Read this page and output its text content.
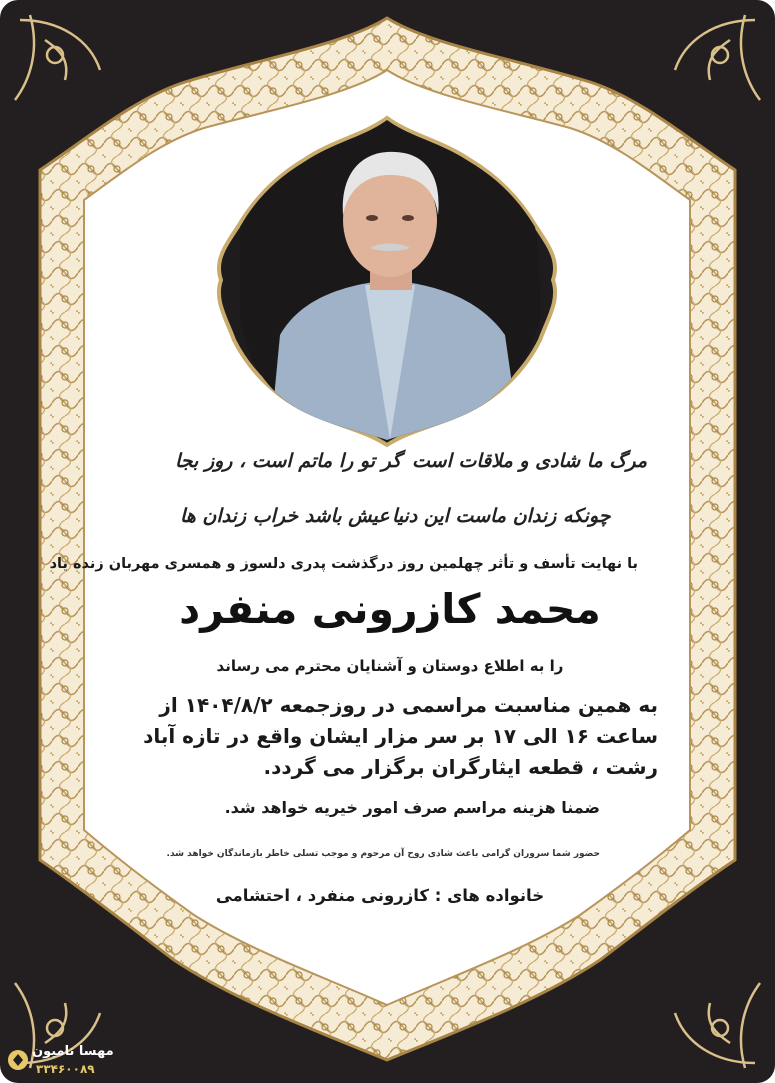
مرگ ما شادی و ملاقات است
گر تو را ماتم است ، روز بجا
چونکه زندان ماست این دنیا
عیش باشد خراب زندان ها
با نهایت تأسف و تأثر چهلمین روز درگذشت پدری دلسوز و همسری مهربان زنده یاد
محمد کازرونی منفرد
را به اطلاع دوستان و آشنایان محترم می رساند
به همین مناسبت مراسمی در روزجمعه ۱۴۰۴/۸/۲ از ساعت ۱۶ الی ۱۷ بر سر مزار ایشان واقع در تازه آباد رشت ، قطعه ایثارگران برگزار می گردد.
ضمنا هزینه مراسم صرف امور خیریه خواهد شد.
حضور شما سروران گرامی باعث شادی روح آن مرحوم و موجب تسلی خاطر بازماندگان خواهد شد.
خانواده های : کازرونی منفرد ، احتشامی
مهسا تامیون
۳۳۴۶۰۰۸۹
